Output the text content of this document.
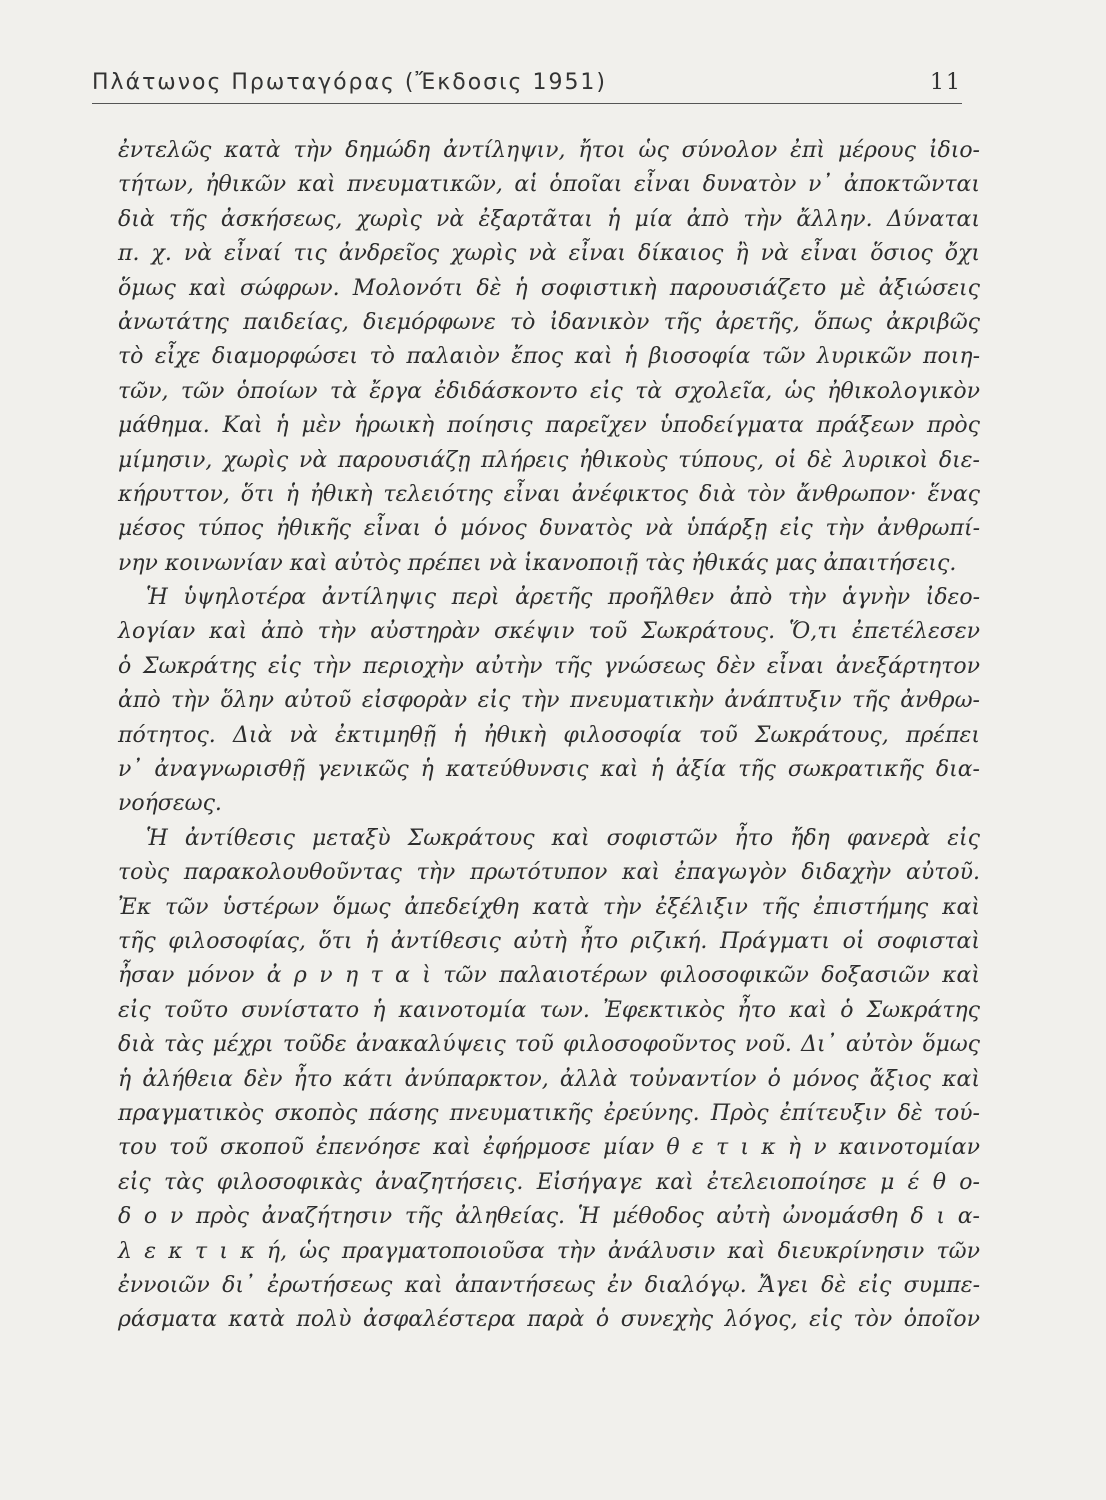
Πλάτωνος Πρωταγόρας (Ἔκδοσις 1951)	11
ἐντελῶς κατὰ τὴν δημώδη ἀντίληψιν, ἤτοι ὡς σύνολον ἐπὶ μέρους ἰδιο-
τήτων, ἠθικῶν καὶ πνευματικῶν, αἱ ὁποῖαι εἶναι δυνατὸν ν᾽ ἀποκτῶνται
διὰ τῆς ἀσκήσεως, χωρὶς νὰ ἐξαρτᾶται ἡ μία ἀπὸ τὴν ἄλλην. Δύναται
π. χ. νὰ εἶναί τις ἀνδρεῖος χωρὶς νὰ εἶναι δίκαιος ἢ νὰ εἶναι ὅσιος ὄχι
ὅμως καὶ σώφρων. Μολονότι δὲ ἡ σοφιστικὴ παρουσιάζετο μὲ ἀξιώσεις
ἀνωτάτης παιδείας, διεμόρφωνε τὸ ἰδανικὸν τῆς ἀρετῆς, ὅπως ἀκριβῶς
τὸ εἶχε διαμορφώσει τὸ παλαιὸν ἔπος καὶ ἡ βιοσοφία τῶν λυρικῶν ποιη-
τῶν, τῶν ὁποίων τὰ ἔργα ἐδιδάσκοντο εἰς τὰ σχολεῖα, ὡς ἠθικολογικὸν
μάθημα. Καὶ ἡ μὲν ἡρωικὴ ποίησις παρεῖχεν ὑποδείγματα πράξεων πρὸς
μίμησιν, χωρὶς νὰ παρουσιάζῃ πλήρεις ἠθικοὺς τύπους, οἱ δὲ λυρικοὶ διε-
κήρυττον, ὅτι ἡ ἠθικὴ τελειότης εἶναι ἀνέφικτος διὰ τὸν ἄνθρωπον· ἕνας
μέσος τύπος ἠθικῆς εἶναι ὁ μόνος δυνατὸς νὰ ὑπάρξῃ εἰς τὴν ἀνθρωπί-
νην κοινωνίαν καὶ αὐτὸς πρέπει νὰ ἱκανοποιῇ τὰς ἠθικάς μας ἀπαιτήσεις.
Ἡ ὑψηλοτέρα ἀντίληψις περὶ ἀρετῆς προῆλθεν ἀπὸ τὴν ἁγνὴν ἰδεο-
λογίαν καὶ ἀπὸ τὴν αὐστηρὰν σκέψιν τοῦ Σωκράτους. Ὅ,τι ἐπετέλεσεν
ὁ Σωκράτης εἰς τὴν περιοχὴν αὐτὴν τῆς γνώσεως δὲν εἶναι ἀνεξάρτητον
ἀπὸ τὴν ὅλην αὐτοῦ εἰσφορὰν εἰς τὴν πνευματικὴν ἀνάπτυξιν τῆς ἀνθρω-
πότητος. Διὰ νὰ ἐκτιμηθῇ ἡ ἠθικὴ φιλοσοφία τοῦ Σωκράτους, πρέπει
ν᾽ ἀναγνωρισθῇ γενικῶς ἡ κατεύθυνσις καὶ ἡ ἀξία τῆς σωκρατικῆς δια-
νοήσεως.
Ἡ ἀντίθεσις μεταξὺ Σωκράτους καὶ σοφιστῶν ἦτο ἤδη φανερὰ εἰς
τοὺς παρακολουθοῦντας τὴν πρωτότυπον καὶ ἐπαγωγὸν διδαχὴν αὐτοῦ.
Ἐκ τῶν ὑστέρων ὅμως ἀπεδείχθη κατὰ τὴν ἐξέλιξιν τῆς ἐπιστήμης καὶ
τῆς φιλοσοφίας, ὅτι ἡ ἀντίθεσις αὐτὴ ἦτο ριζική. Πράγματι οἱ σοφισταὶ
ἦσαν μόνον ἀ ρ ν η τ α ὶ τῶν παλαιοτέρων φιλοσοφικῶν δοξασιῶν καὶ
εἰς τοῦτο συνίστατο ἡ καινοτομία των. Ἐφεκτικὸς ἦτο καὶ ὁ Σωκράτης
διὰ τὰς μέχρι τοῦδε ἀνακαλύψεις τοῦ φιλοσοφοῦντος νοῦ. Δι᾽ αὐτὸν ὅμως
ἡ ἀλήθεια δὲν ἦτο κάτι ἀνύπαρκτον, ἀλλὰ τοὐναντίον ὁ μόνος ἄξιος καὶ
πραγματικὸς σκοπὸς πάσης πνευματικῆς ἐρεύνης. Πρὸς ἐπίτευξιν δὲ τού-
του τοῦ σκοποῦ ἐπενόησε καὶ ἐφήρμοσε μίαν θ ε τ ι κ ὴ ν καινοτομίαν
εἰς τὰς φιλοσοφικὰς ἀναζητήσεις. Εἰσήγαγε καὶ ἐτελειοποίησε μ έ θ ο-
δ ο ν πρὸς ἀναζήτησιν τῆς ἀληθείας. Ἡ μέθοδος αὐτὴ ὠνομάσθη δ ι α-
λ ε κ τ ι κ ή, ὡς πραγματοποιοῦσα τὴν ἀνάλυσιν καὶ διευκρίνησιν τῶν
ἐννοιῶν δι᾽ ἐρωτήσεως καὶ ἀπαντήσεως ἐν διαλόγῳ. Ἄγει δὲ εἰς συμπε-
ράσματα κατὰ πολὺ ἀσφαλέστερα παρὰ ὁ συνεχὴς λόγος, εἰς τὸν ὁποῖον
